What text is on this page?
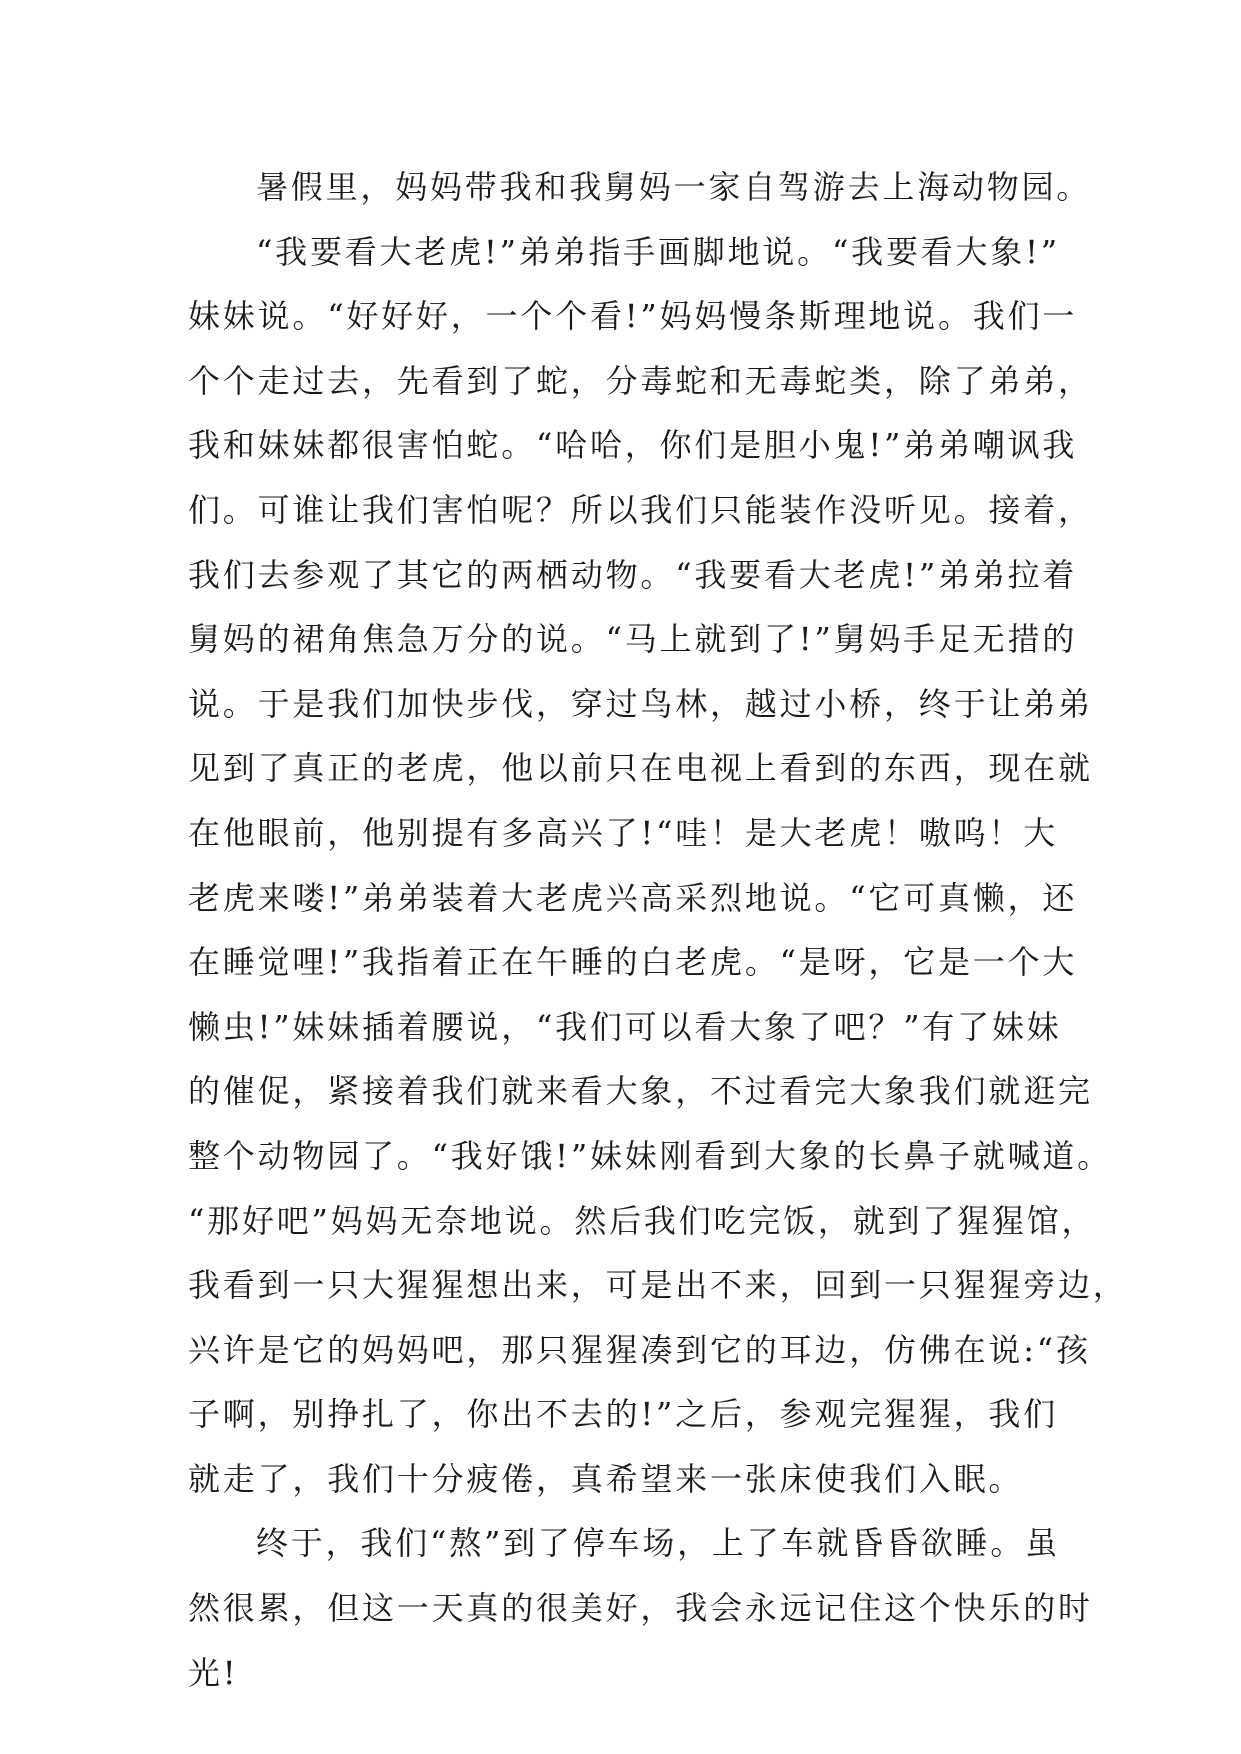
暑假里，妈妈带我和我舅妈一家自驾游去上海动物园。
“我要看大老虎!”弟弟指手画脚地说。“我要看大象!”
妹妹说。“好好好，一个个看!”妈妈慢条斯理地说。我们一
个个走过去，先看到了蛇，分毒蛇和无毒蛇类，除了弟弟，
我和妹妹都很害怕蛇。“哈哈，你们是胆小鬼!”弟弟嘲讽我
们。可谁让我们害怕呢？所以我们只能装作没听见。接着，
我们去参观了其它的两栖动物。“我要看大老虎!”弟弟拉着
舅妈的裙角焦急万分的说。“马上就到了!”舅妈手足无措的
说。于是我们加快步伐，穿过鸟林，越过小桥，终于让弟弟
见到了真正的老虎，他以前只在电视上看到的东西，现在就
在他眼前，他别提有多高兴了!“哇！是大老虎！嗷呜！大
老虎来喽!”弟弟装着大老虎兴高采烈地说。“它可真懒，还
在睡觉哩!”我指着正在午睡的白老虎。“是呀，它是一个大
懒虫!”妹妹插着腰说，“我们可以看大象了吧？”有了妹妹
的催促，紧接着我们就来看大象，不过看完大象我们就逛完
整个动物园了。“我好饿!”妹妹刚看到大象的长鼻子就喊道。
“那好吧”妈妈无奈地说。然后我们吃完饭，就到了猩猩馆，
我看到一只大猩猩想出来，可是出不来，回到一只猩猩旁边，
兴许是它的妈妈吧，那只猩猩凑到它的耳边，仿佛在说:“孩
子啊，别挣扎了，你出不去的!”之后，参观完猩猩，我们
就走了，我们十分疲倦，真希望来一张床使我们入眠。
终于，我们“熬”到了停车场，上了车就昏昏欲睡。虽
然很累，但这一天真的很美好，我会永远记住这个快乐的时
光!
